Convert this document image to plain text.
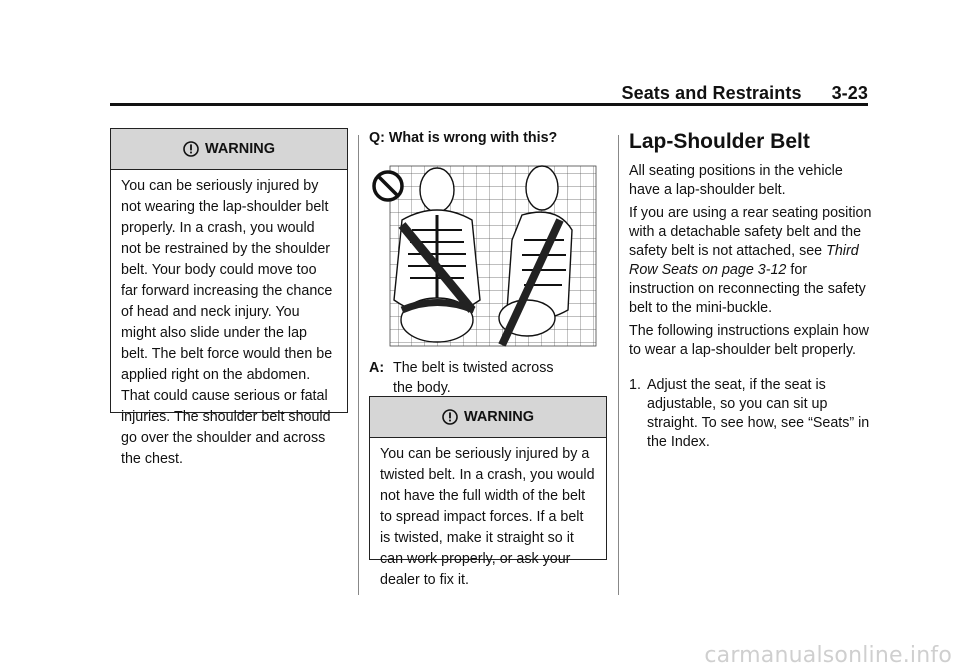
Seats and Restraints 3-23
WARNING
You can be seriously injured by not wearing the lap-shoulder belt properly. In a crash, you would not be restrained by the shoulder belt. Your body could move too far forward increasing the chance of head and neck injury. You might also slide under the lap belt. The belt force would then be applied right on the abdomen. That could cause serious or fatal injuries. The shoulder belt should go over the shoulder and across the chest.
Q: What is wrong with this?
A: The belt is twisted across the body.
WARNING
You can be seriously injured by a twisted belt. In a crash, you would not have the full width of the belt to spread impact forces. If a belt is twisted, make it straight so it can work properly, or ask your dealer to fix it.
Lap-Shoulder Belt

All seating positions in the vehicle have a lap-shoulder belt.

If you are using a rear seating position with a detachable safety belt and the safety belt is not attached, see Third Row Seats on page 3-12 for instruction on reconnecting the safety belt to the mini-buckle.

The following instructions explain how to wear a lap-shoulder belt properly.

1. Adjust the seat, if the seat is adjustable, so you can sit up straight. To see how, see “Seats” in the Index.
carmanualsonline.info
